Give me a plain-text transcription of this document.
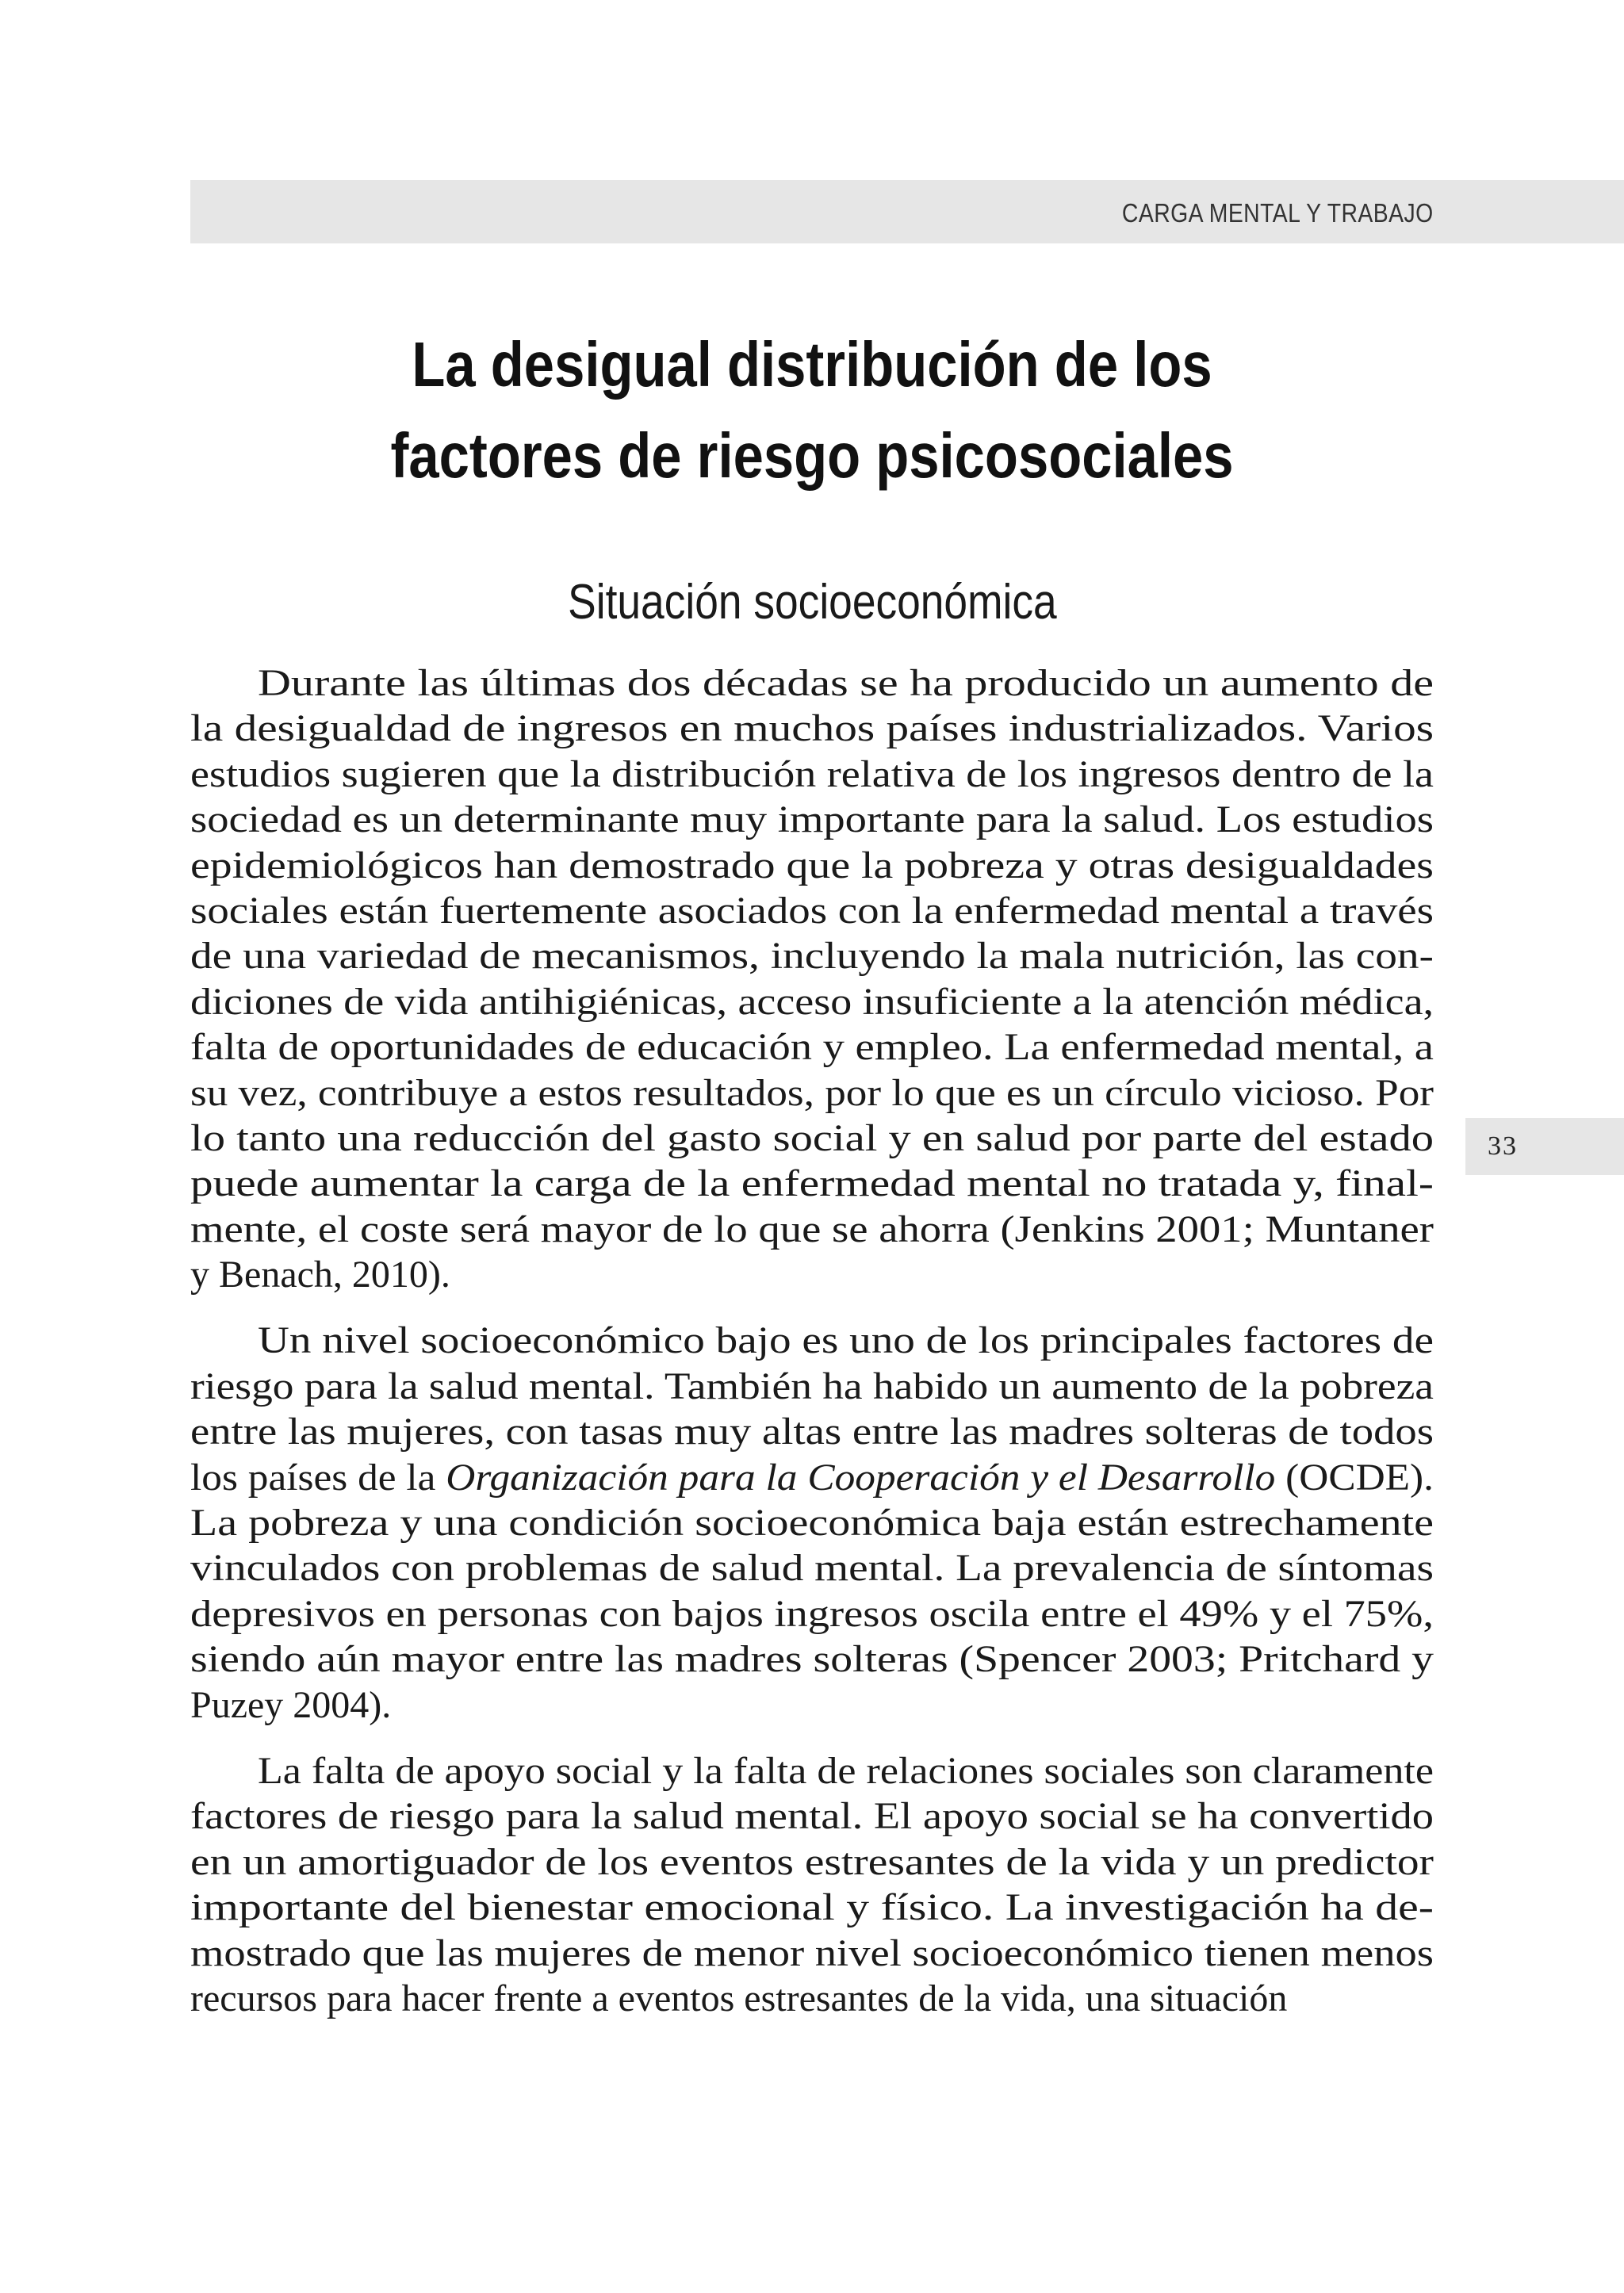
CARGA MENTAL Y TRABAJO
La desigual distribución de los
factores de riesgo psicosociales
Situación socioeconómica
Durante las últimas dos décadas se ha producido un aumento de
la desigualdad de ingresos en muchos países industrializados. Varios
estudios sugieren que la distribución relativa de los ingresos dentro de la
sociedad es un determinante muy importante para la salud. Los estudios
epidemiológicos han demostrado que la pobreza y otras desigualdades
sociales están fuertemente asociados con la enfermedad mental a través
de una variedad de mecanismos, incluyendo la mala nutrición, las con-
diciones de vida antihigiénicas, acceso insuficiente a la atención médica,
falta de oportunidades de educación y empleo. La enfermedad mental, a
su vez, contribuye a estos resultados, por lo que es un círculo vicioso. Por
lo tanto una reducción del gasto social y en salud por parte del estado
puede aumentar la carga de la enfermedad mental no tratada y, final-
mente, el coste será mayor de lo que se ahorra (Jenkins 2001; Muntaner
y Benach, 2010).
Un nivel socioeconómico bajo es uno de los principales factores de
riesgo para la salud mental. También ha habido un aumento de la pobreza
entre las mujeres, con tasas muy altas entre las madres solteras de todos
los países de la Organización para la Cooperación y el Desarrollo (OCDE).
La pobreza y una condición socioeconómica baja están estrechamente
vinculados con problemas de salud mental. La prevalencia de síntomas
depresivos en personas con bajos ingresos oscila entre el 49% y el 75%,
siendo aún mayor entre las madres solteras (Spencer 2003; Pritchard y
Puzey 2004).
La falta de apoyo social y la falta de relaciones sociales son claramente
factores de riesgo para la salud mental. El apoyo social se ha convertido
en un amortiguador de los eventos estresantes de la vida y un predictor
importante del bienestar emocional y físico. La investigación ha de-
mostrado que las mujeres de menor nivel socioeconómico tienen menos
recursos para hacer frente a eventos estresantes de la vida, una situación
33
